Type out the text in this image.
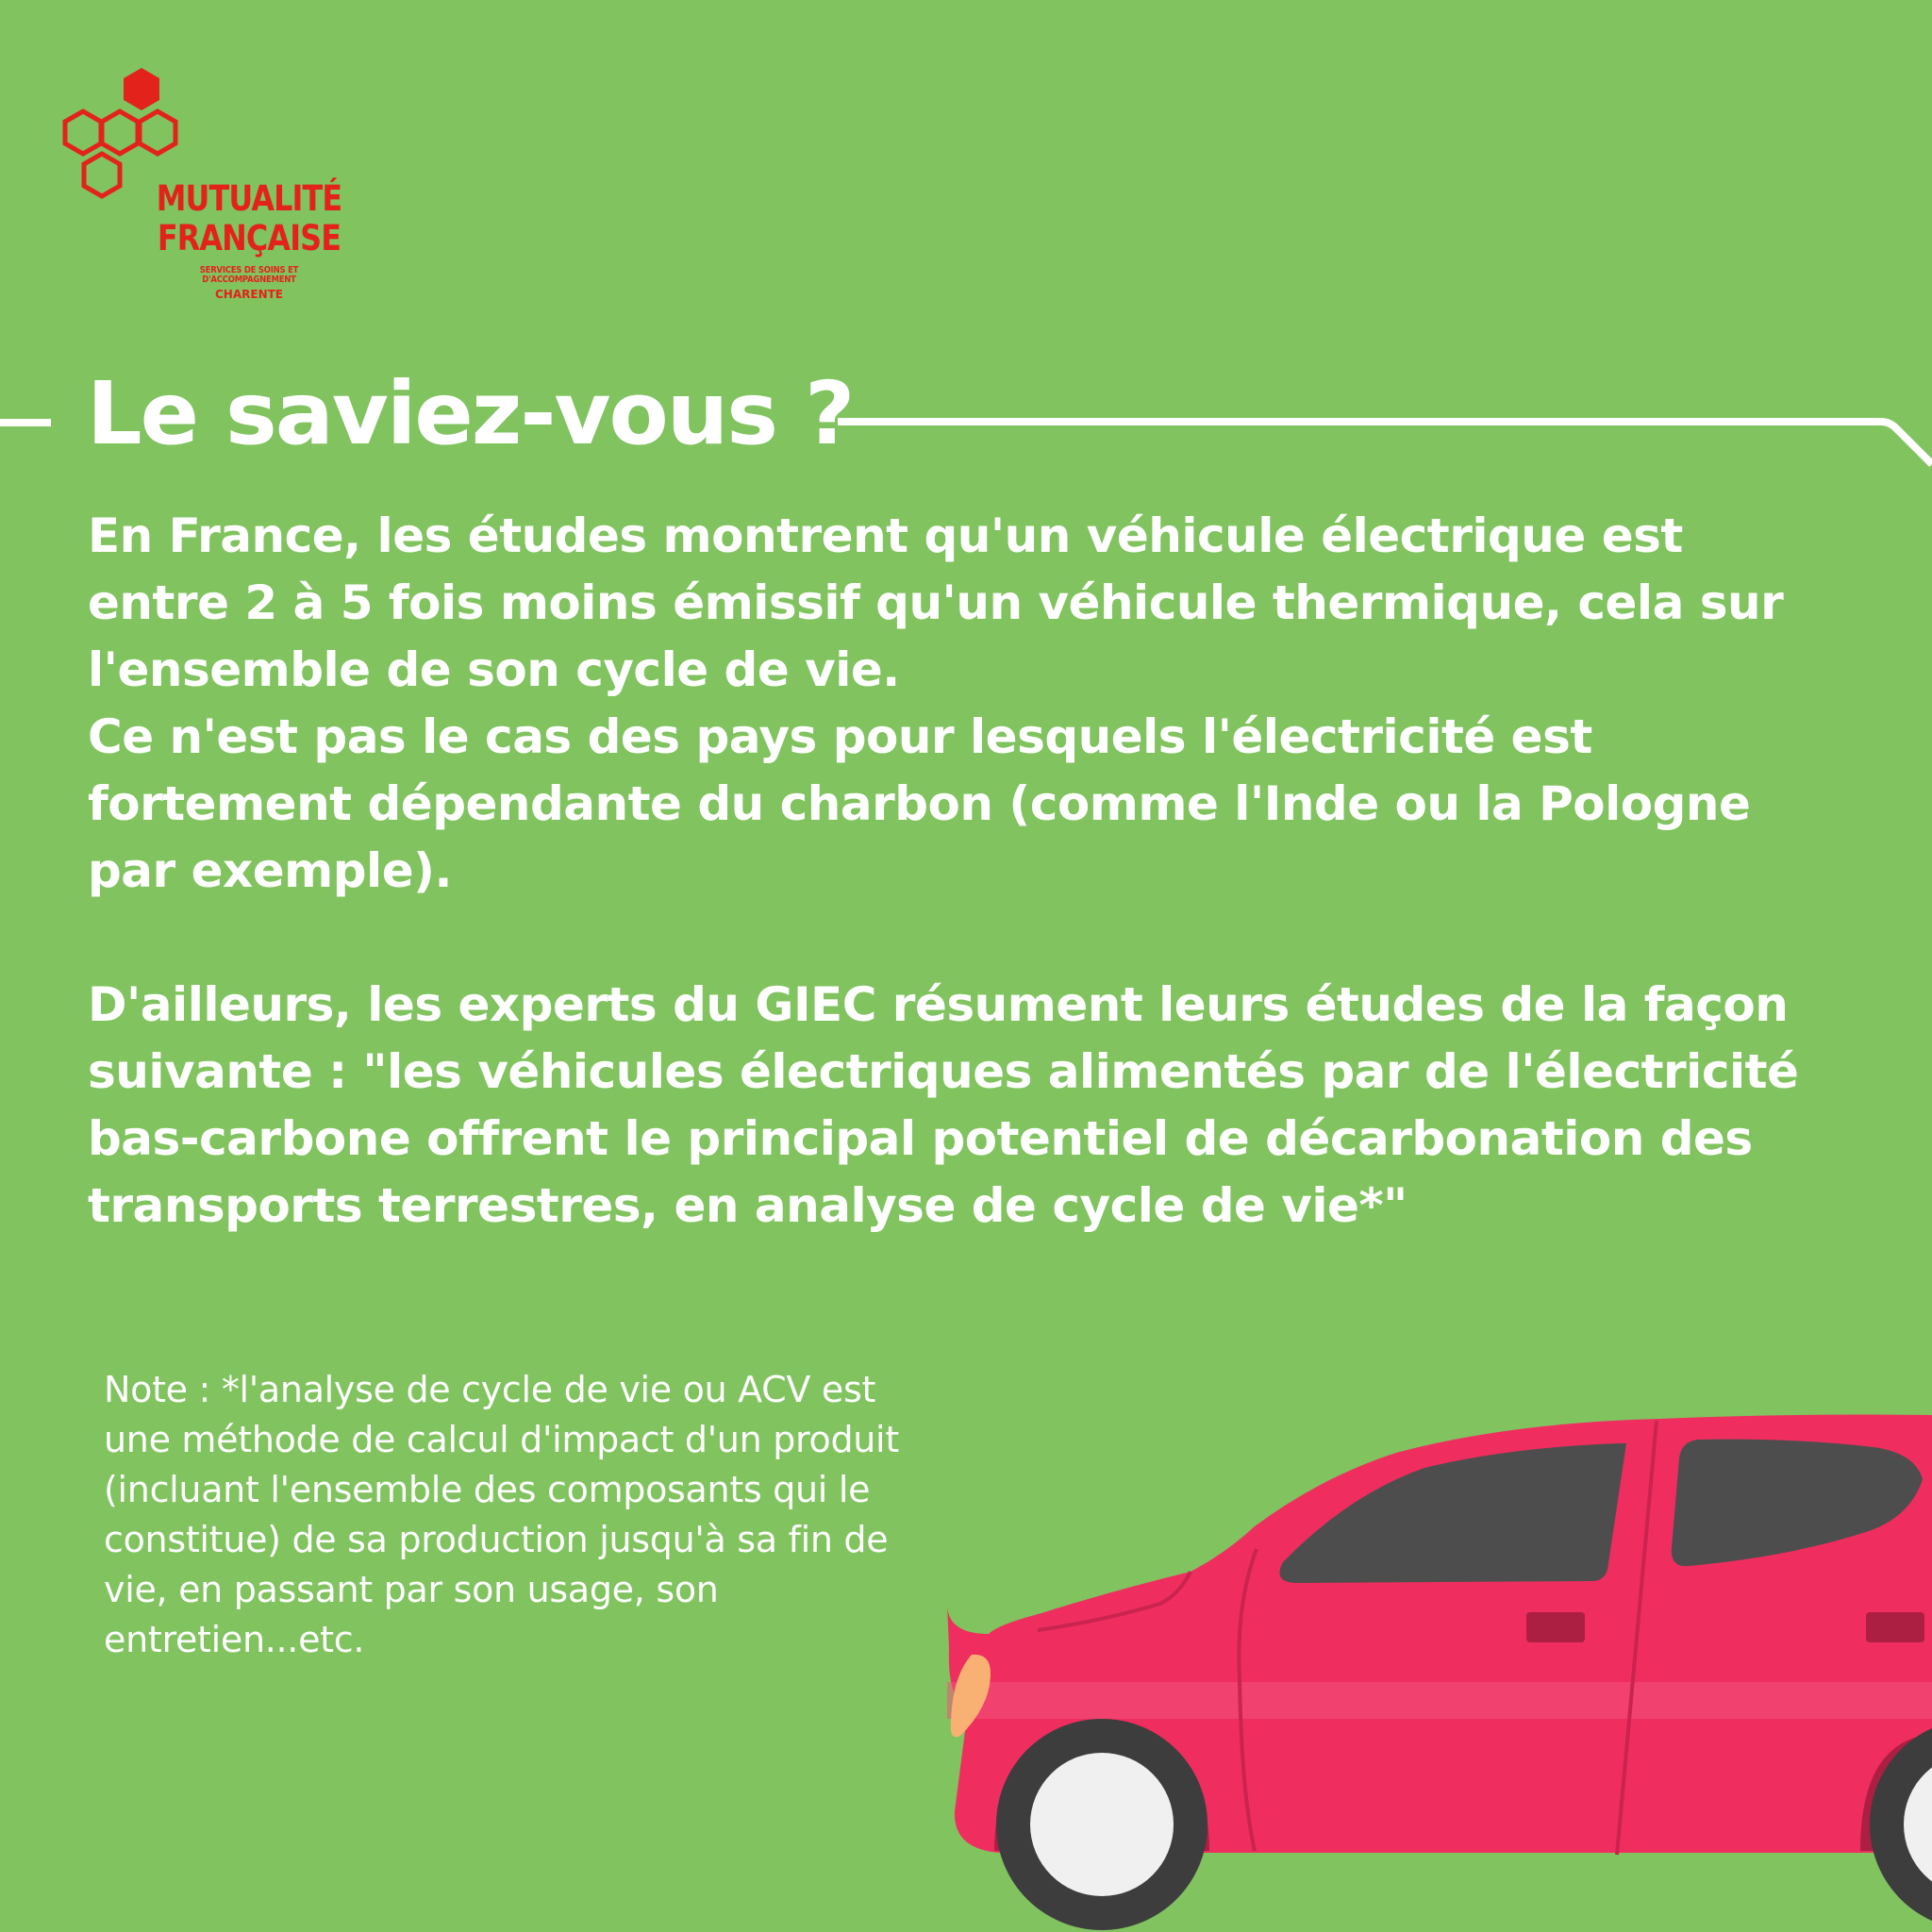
MUTUALITÉ
FRANÇAISE
SERVICES DE SOINS ET D'ACCOMPAGNEMENT
CHARENTE
Le saviez-vous ?

En France, les études montrent qu'un véhicule électrique est

entre 2 à 5 fois moins émissif qu'un véhicule thermique, cela sur

l'ensemble de son cycle de vie.

Ce n'est pas le cas des pays pour lesquels l'électricité est

fortement dépendante du charbon (comme l'Inde ou la Pologne

par exemple).

D'ailleurs, les experts du GIEC résument leurs études de la façon

suivante : "les véhicules électriques alimentés par de l'électricité

bas-carbone offrent le principal potentiel de décarbonation des

transports terrestres, en analyse de cycle de vie*"

Note : *l'analyse de cycle de vie ou ACV est

une méthode de calcul d'impact d'un produit

(incluant l'ensemble des composants qui le

constitue) de sa production jusqu'à sa fin de

vie, en passant par son usage, son

entretien...etc.
